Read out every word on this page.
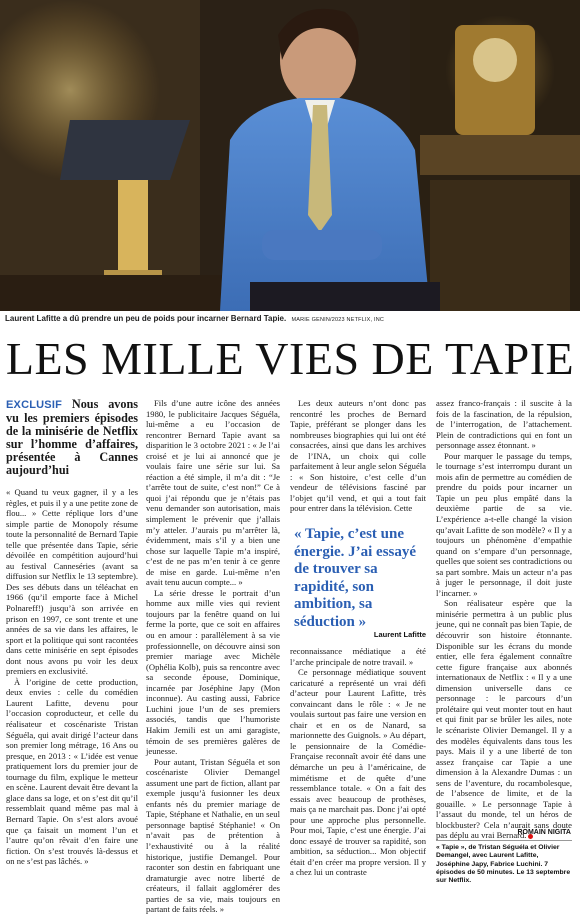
Laurent Lafitte a dû prendre un peu de poids pour incarner Bernard Tapie. MARIE GENIN/2023 NETFLIX, INC
LES MILLE VIES DE TAPIE
EXCLUSIF Nous avons vu les premiers épisodes de la minisérie de Netflix sur l’homme d’affaires, présentée à Cannes aujourd’hui

« Quand tu veux gagner, il y a les règles, et puis il y a une petite zone de flou... » Cette réplique lors d’une simple partie de Monopoly résume toute la personnalité de Bernard Tapie telle que présentée dans Tapie, série dévoilée en compétition aujourd’hui au festival Canneséries (avant sa diffusion sur Netflix le 13 septembre). Des ses débuts dans un téléachat en 1966 (qu’il emporte face à Michel Polnareff!) jusqu’à son arrivée en prison en 1997, ce sont trente et une années de sa vie dans les affaires, le sport et la politique qui sont racontées dans cette minisérie en sept épisodes dont nous avons pu voir les deux premiers en exclusivité.

À l’origine de cette production, deux envies : celle du comédien Laurent Lafitte, devenu pour l’occasion coproducteur, et celle du réalisateur et coscénariste Tristan Séguéla, qui avait dirigé l’acteur dans son premier long métrage, 16 Ans ou presque, en 2013 : « L’idée est venue pratiquement lors du premier jour de tournage du film, explique le metteur en scène. Laurent devait être devant la glace dans sa loge, et on s’est dit qu’il ressemblait quand même pas mal à Bernard Tapie. On s’est alors avoué que ça faisait un moment l’un et l’autre qu’on rêvait d’en faire une fiction. On s’est trouvés là-dessus et on ne s’est pas lâchés. »

Fils d’une autre icône des années 1980, le publicitaire Jacques Séguéla, lui-même a eu l’occasion de rencontrer Bernard Tapie avant sa disparition le 3 octobre 2021 : « Je l’ai croisé et je lui ai annoncé que je voulais faire une série sur lui. Sa réaction a été simple, il m’a dit : “Je t’arrête tout de suite, c’est non!” Ce à quoi j’ai répondu que je n’étais pas venu demander son autorisation, mais simplement le prévenir que j’allais m’y atteler. J’aurais pu m’arrêter là, évidemment, mais s’il y a bien une chose sur laquelle Tapie m’a inspiré, c’est de ne pas m’en tenir à ce genre de mise en garde. Lui-même n’en avait tenu aucun compte... »

La série dresse le portrait d’un homme aux mille vies qui revient toujours par la fenêtre quand on lui ferme la porte, que ce soit en affaires ou en amour : parallèlement à sa vie professionnelle, on découvre ainsi son premier mariage avec Michèle (Ophélia Kolb), puis sa rencontre avec sa seconde épouse, Dominique, incarnée par Joséphine Japy (Mon inconnue). Au casting aussi, Fabrice Luchini joue l’un de ses premiers associés, tandis que l’humoriste Hakim Jemili est un ami garagiste, témoin de ses premières galères de jeunesse.

Pour autant, Tristan Séguéla et son coscénariste Olivier Demangel assument une part de fiction, allant par exemple jusqu’à fusionner les deux enfants nés du premier mariage de Tapie, Stéphane et Nathalie, en un seul personnage baptisé Stéphanie! « On n’avait pas de prétention à l’exhaustivité ou à la réalité historique, justifie Demangel. Pour raconter son destin en fabriquant une dramaturgie avec notre liberté de créateurs, il fallait agglomérer des parties de sa vie, mais toujours en partant de faits réels. »

Les deux auteurs n’ont donc pas rencontré les proches de Bernard Tapie, préférant se plonger dans les nombreuses biographies qui lui ont été consacrées, ainsi que dans les archives de l’INA, un choix qui colle parfaitement à leur angle selon Séguéla : « Son histoire, c’est celle d’un vendeur de télévisions fasciné par l’objet qu’il vend, et qui a tout fait pour entrer dans la télévision. Cette

« Tapie, c’est une énergie. J’ai essayé de trouver sa rapidité, son ambition, sa séduction »
Laurent Lafitte

reconnaissance médiatique a été l’arche principale de notre travail. »

Ce personnage médiatique souvent caricaturé a représenté un vrai défi d’acteur pour Laurent Lafitte, très convaincant dans le rôle : « Je ne voulais surtout pas faire une version en chair et en os de Nanard, sa marionnette des Guignols. » Au départ, le pensionnaire de la Comédie-Française reconnaît avoir été dans une démarche un peu à l’américaine, de mimétisme et de quête d’une ressemblance totale. « On a fait des essais avec beaucoup de prothèses, mais ça ne marchait pas. Donc j’ai opté pour une approche plus personnelle. Pour moi, Tapie, c’est une énergie. J’ai donc essayé de trouver sa rapidité, son ambition, sa séduction... Mon objectif était d’en créer ma propre version. Il y a chez lui un contraste

assez franco-français : il suscite à la fois de la fascination, de la répulsion, de l’interrogation, de l’attachement. Plein de contradictions qui en font un personnage assez étonnant. »

Pour marquer le passage du temps, le tournage s’est interrompu durant un mois afin de permettre au comédien de prendre du poids pour incarner un Tapie un peu plus empâté dans la deuxième partie de sa vie. L’expérience a-t-elle changé la vision qu’avait Lafitte de son modèle? « Il y a toujours un phénomène d’empathie quand on s’empare d’un personnage, quelles que soient ses contradictions ou sa part sombre. Mais un acteur n’a pas à juger le personnage, il doit juste l’incarner. »

Son réalisateur espère que la minisérie permettra à un public plus jeune, qui ne connaît pas bien Tapie, de découvrir son histoire étonnante. Disponible sur les écrans du monde entier, elle fera également connaître cette figure française aux abonnés internationaux de Netflix : « Il y a une dimension universelle dans ce personnage : le parcours d’un prolétaire qui veut monter tout en haut et qui finit par se brûler les ailes, note le scénariste Olivier Demangel. Il y a des modèles équivalents dans tous les pays. Mais il y a une liberté de ton assez française car Tapie a une dimension à la Alexandre Dumas : un sens de l’aventure, du rocambolesque, de l’absence de limite, et de la gouaille. » Le personnage Tapie à l’assaut du monde, tel un héros de blockbuster? Cela n’aurait sans doute pas déplu au vrai Bernard.

ROMAIN NIGITA
« Tapie », de Tristan Séguéla et Olivier Demangel, avec Laurent Lafitte, Joséphine Japy, Fabrice Luchini. 7 épisodes de 50 minutes. Le 13 septembre sur Netflix.
